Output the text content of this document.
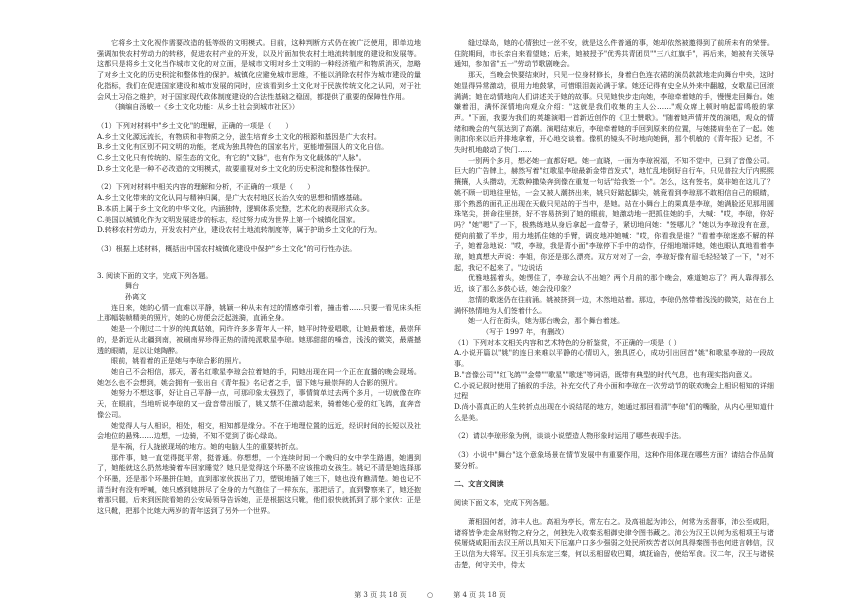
它将乡土文化视作需要改造的低等级的文明模式。目前，这种判断方式仍在被广泛使用，即单边地强调加快农村劳动力的转移，促进农村产业的开发，以及片面加快农村土地流转制度的建设和发展等。这都只是将乡土文化当作城市文化的对立面，是城市文明对乡土文明的一种经济殖产和物质消灭，忽略了对乡土文化的历史积淀和整体性的保护。城镇化应避免城市思维，不能以消除农村作为城市建设的量化指标，我们在促进国家建设和城市发展的同时，应该看到乡土文化对于民族传统文化之认同，对于社会风土习俗之维护，对于国家现代政体制度建设的合法性基础之稳固，都提供了重要的保障性作用。

（摘编自汤敏一《乡土文化功能：从乡土社会到城市社区》）

（1）下列对材料中"乡土文化"的理解，正确的一项是（　　）

A.乡土文化源远流长，有物质和非物质之分，滋生培育乡土文化的根源和基因是广大农村。

B.乡土文化有区别不同文明的功能，老成为独具特色的国家名片，更能增强国人的文化自信。

C.乡土文化只有传统的、原生态的文化，有它的"文脉"，也有作为文化载体的"人脉"。

D.乡土文化是一种不必改造的文明模式，故要重视对乡土文化的历史积淀和整体性保护。

（2）下列对材料中相关内容的理解和分析，不正确的一项是（　　）

A.乡土文化带来的文化认同与精神归属，是广大农村地区长治久安的思想和情感基础。

B.本质上属于乡土文化的中华文化，内涵独特，逻辑体系完整，艺术化的表现形式众多。

C.美国以城镇化作为文明发展进步的标志，经过努力成为世界上第一个城镇化国家。

D.转移农村劳动力，开发农村产业，建设农村土地流转制度等，属于护助乡土文化的行为。

（3）根据上述材料，概括出中国农村城镇化建设中保护"乡土文化"的可行性办法。

3. 阅读下面的文字，完成下列各题。

舞台

孙离文

连日来，她的心情一直难以平静，姚颖一种从未有过的情感牵引着，撞击着……只要一看见床头柜上那幅装帧精美的照片，她的心房便会泛起涟漪，直涌全身。

她是一个刚过二十岁的纯真姑娘，同许许多多青年人一样，她平时特爱唱歌，让她最着迷，最崇拜的，是新近从北疆到南，被刷南昇珍得正热的清纯派歌星李琼。她那甜甜的嗓音，浅浅的微笑，最震撼透的眼睛，足以让她陶醉。

眼前，姚看着的正是她与李琼合影的照片。

她自己不会相信，那天，著名红歌星李琼会拉着她的手，同她出现在同一个正在直播的晚会现场。她怎么也不会想到，姚会拥有一张出自《青年报》名记者之手，留下她与最崇拜的人合影的照片。

她努力不想这事，好让自己平静一点，可那印象太强烈了，事情简单过去两个多月，一切就像在昨天，在眼前，当地听说李琼的又一盘音带出版了，姚又禁不住激动起来，骑着她心爱的红飞鸽，直奔音像公司。

她觉得人与人相识，相处，相交，相知都是缘分。不在于地理位置的远近，经识时间的长短以及社会地位的悬殊……边想，一边骑，不知不觉到了街心绿岛。

是车祸，行人拢嵌现场的地方。她的电脑人生的重要转折点。

那件事，她一直觉得挺平常，挺普通。你想想，一个连续时间一个晚归的女中学生路遇，她遇到了，她能就这么扔然地骑着车回家睡觉？她只是觉得这个环墨不应该推动女孩生。姚记不清是她选择那个环墨，还是那个环墨拼住她，直到那家伙拔出了刀，塑锐地插了她三下，她也没有瞧清楚。她也记不清当时有没有呼喊，她只感到她拼尽了全身的力气抱住了一样东东，那把话了，直到警察来了，她还抱着那只腿，后来到医院看她的公安局领导告诉她，正是根据这只靴，他们很快就抓到了那个家伙：正是这只靴，把那个比她大两岁的青年送到了另外一个世界。

缝过绿岛，她的心情独过一丝不安，就是这么件普通的事，她却依然被邀得到了前所未有的荣誉。住院期间，市长亲自来看望她；后来，她被授予"优秀共青团员""三八红旗手"，再后来，她被有关领导通知，参加省"五一"劳动节歌剧晚会。

那天，当晚会快要结束时，只见一位身材修长，身着白色连衣裙的演员款款地走向舞台中央，这时她显得异常激动，很用力地鼓掌，可惜眼泪轰沁满于掌。她还记得有史全从外来中翻越，女歌星已回滚满满；她在动情地向人们讲述关于她的故事。只见她快步走向她，李琼牵着她的手，慢慢走回舞台。她嫌着泪，满怀深情地向观众介绍："这就是我们收集的主人公……"观众席上顿时响起雷鸣般的掌声。"下面，我要为我们的英雄演唱一首新近创作的《卫士赞歌》。"随着她声情并茂的演唱，观众的情绪和晚会的气氛达到了高潮。演唱结束后，李琼牵着她的手回到原来的位置，与她搂肩坐在了一起。她则扣你来以后并排地拿着，开心地交谈着。像机的镜头不时地向她俩，那个机敏的《青年报》记者，不失时机地敲动了快门……

一别两个多月，想必她一直都好吧。她一直晓，一面为李琼祝福，不知不觉中，已到了音像公司。巨大的广告牌上，赫然写着"红歌星李琼最新金带首发式"，地忙乱地倒好自行车，只见普拉大厅内熙熙攘攘，人头攒动，无数种撒染奔到像在重复一句话"给我签一个"。怎么，这有签名，莫非她在这儿了？姚不顾一切地往里钻，一会又被人潮挤出来，姚只好踮起脚尖，姚竟看到李琼那不敢相信自己的眼睛，那个熟悉的面孔正出现在天截只见站的于当中，是她。站在小舞台上的果真是李琼，她满脸还见那用圆珠笔尖，拼命往里挤，好不容易挤到了她的眼前，她激动地一把抓住她的手，大喊："哎，李琼，你好吗？"她"嗯"了一下，极熟练地从身后拿起一盒带子，紧切地问她："签哪儿？"她以为李琼没有在意，便向前撤了半步，用力地抓住她的手臂，调皮地冲她喊："哎，你看我是谁？"看着李琼迷惑不解的样子，她着急地说："哎，李琼，我是青小面"李琼停下手中的动作，仔细地端详她，她也眼认真地看着李琼，她真想大声说：李姐，你还是那么漂亮。双方对对了一会，李琼好像有眉毛轻轻皱了一下，"对不起，我记不起来了。"边说话

优雅地摇着头，她愣住了，李琼会认不出她？两个月前的那个晚会，难道她忘了？两人靠得那么近，该了那么多鼓心话，她会没印象？

忽情的歌迷仍在往前涌。姚被挤到一边，木然地站着。那边，李琼仍然带着浅浅的微笑，站在台上满怀热情地为人们签着什么。

她一人行在街头，她为那台晚会，那个舞台着迷。

（写于 1997 年，有删改）

（1）下列对本文相关内容和艺术特色的分析鉴赏，不正确的一项是（ ）

A.小说开篇以"姚"的连日来难以平静的心情切入，独具匠心，成功引出回首"姚"和歌星李琼的一段故事。

B."音像公司""红飞鸽""金带""歌星""歌迷"等词语，既带有典型的时代气息，也有现实指向意义。

C.小说记叙时使用了插叙的手法，补充交代了舟小面和李琼在一次劳动节的联欢晚会上相识相知的详细过程

D.尚小喜真正的人生转折点出现在小说结尾的地方，她通过那回看清"李琼"们的嘴脸，从内心里知道什么是美。

（2）请以李琼形象为例，谈谈小说塑造人物形象时运用了哪些表现手法。

（3）小说中"舞台"这个意象场景在情节发展中有重要作用，这种作用体现在哪些方面？请结合作品简要分析。

二、文言文阅读

阅读下面文本，完成下列各题。

萧相国何者，沛丰人也。高祖为亭长，常左右之。及高祖起为沛公，何常为丞督事，沛公至咸阳，诸将皆争走金帛财物之府分之，何独先入收秦丞相御史律令图书藏之。沛公为汉王以何为丞相项王与诸侯屠烧咸阳而去汉王所以具知天下厄塞户口多少强弱之处民所疾苦者以何具得秦图书也何进言韩信，汉王以信为大将军。汉王引兵东定三秦，何以丞相留收巴蜀，填抚谕告，使给军食。汉二年，汉王与诸侯击楚，何守关中，侍太

第 3 页 共 18 页	○	第 4 页 共 18 页
